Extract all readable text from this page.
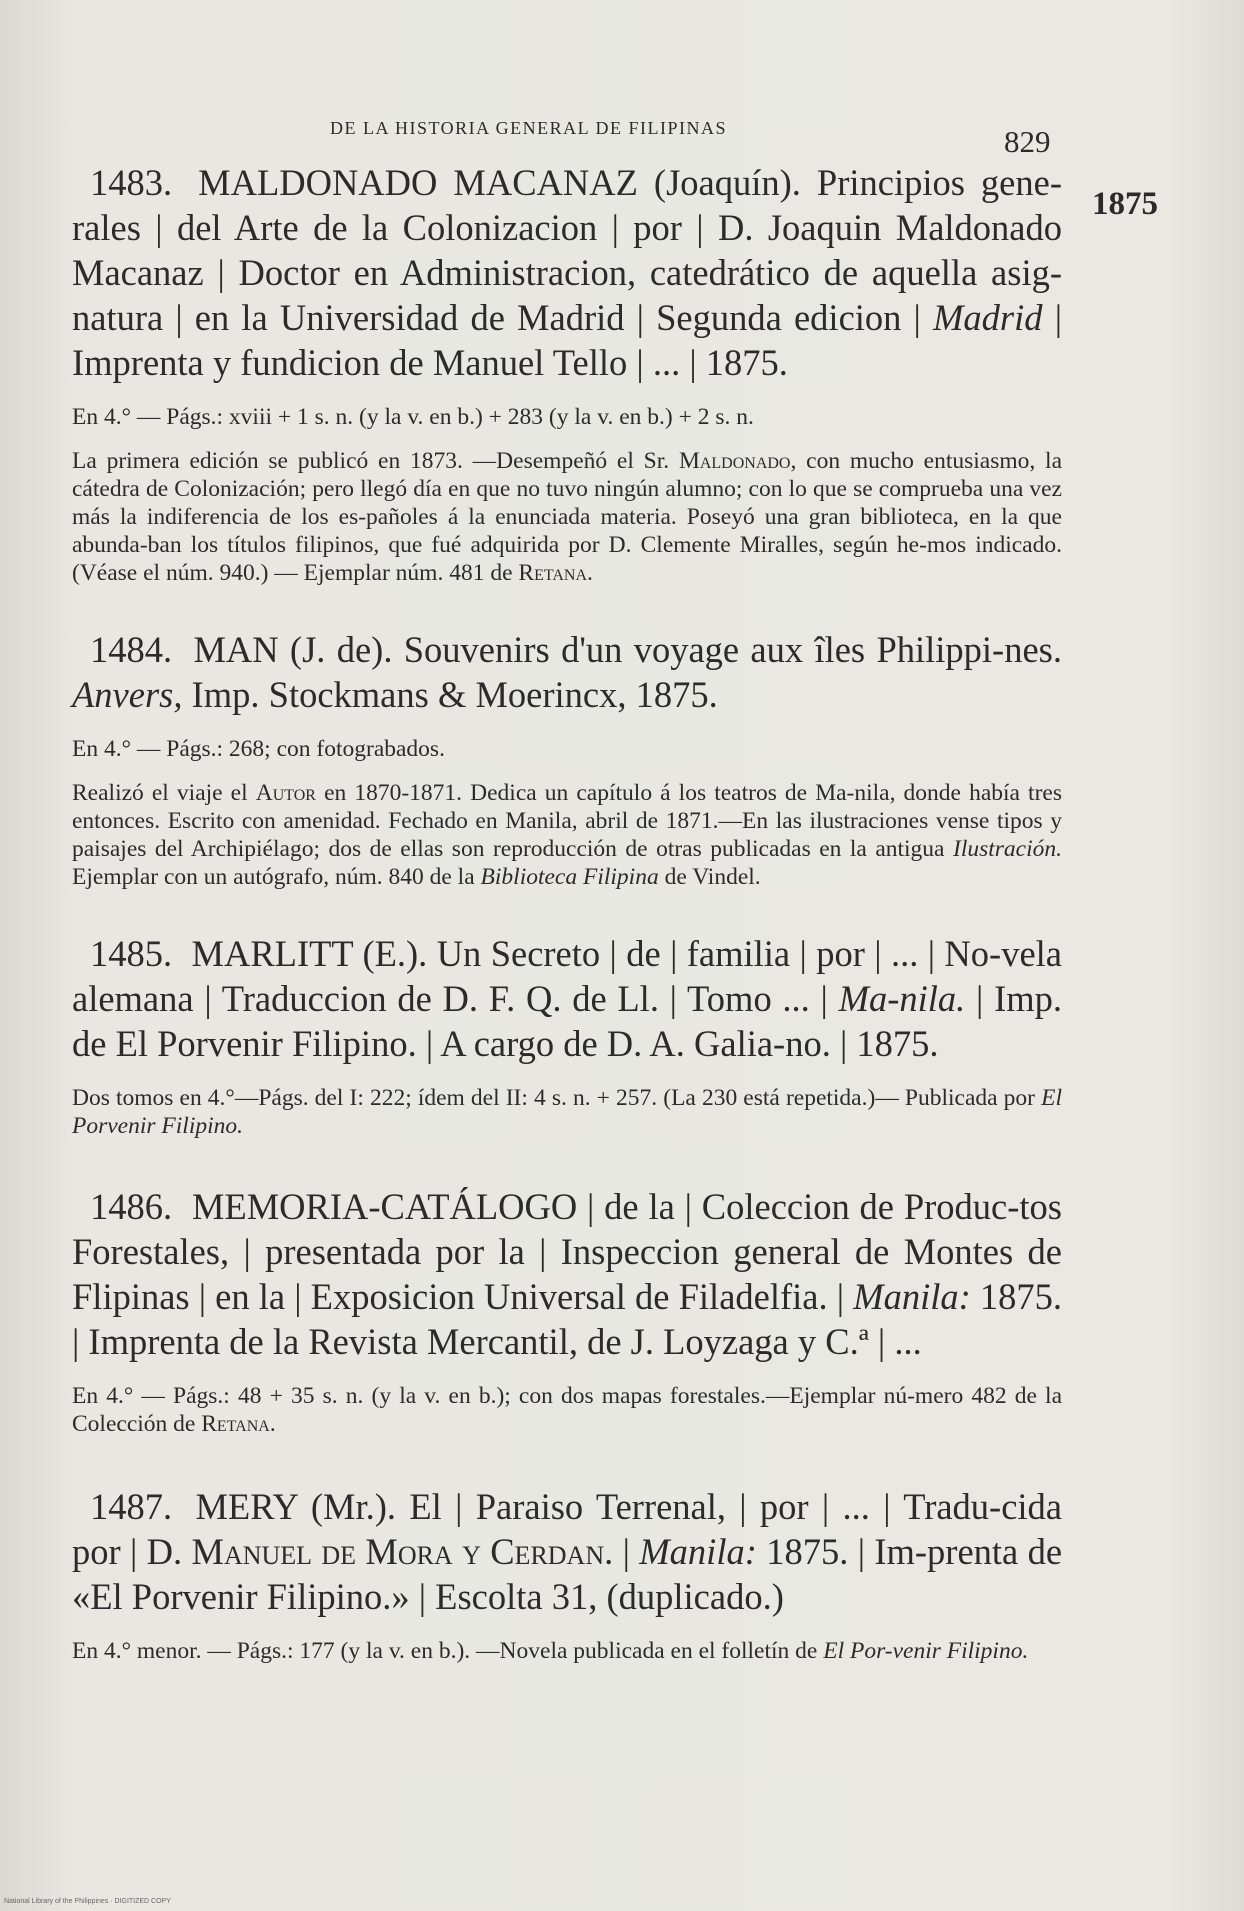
DE LA HISTORIA GENERAL DE FILIPINAS	829
1875

1483. MALDONADO MACANAZ (Joaquín). Principios gene-rales | del Arte de la Colonizacion | por | D. Joaquin Maldonado Macanaz | Doctor en Administracion, catedrático de aquella asig-natura | en la Universidad de Madrid | Segunda edicion | Madrid | Imprenta y fundicion de Manuel Tello | ... | 1875.

En 4.° — Págs.: xviii + 1 s. n. (y la v. en b.) + 283 (y la v. en b.) + 2 s. n.

La primera edición se publicó en 1873. —Desempeñó el Sr. Maldonado, con mucho entusiasmo, la cátedra de Colonización; pero llegó día en que no tuvo ningún alumno; con lo que se comprueba una vez más la indiferencia de los es-pañoles á la enunciada materia. Poseyó una gran biblioteca, en la que abunda-ban los títulos filipinos, que fué adquirida por D. Clemente Miralles, según he-mos indicado. (Véase el núm. 940.) — Ejemplar núm. 481 de Retana.

1484. MAN (J. de). Souvenirs d'un voyage aux îles Philippi-nes. Anvers, Imp. Stockmans & Moerincx, 1875.

En 4.° — Págs.: 268; con fotograbados.

Realizó el viaje el Autor en 1870-1871. Dedica un capítulo á los teatros de Ma-nila, donde había tres entonces. Escrito con amenidad. Fechado en Manila, abril de 1871.—En las ilustraciones vense tipos y paisajes del Archipiélago; dos de ellas son reproducción de otras publicadas en la antigua Ilustración. Ejemplar con un autógrafo, núm. 840 de la Biblioteca Filipina de Vindel.

1485. MARLITT (E.). Un Secreto | de | familia | por | ... | No-vela alemana | Traduccion de D. F. Q. de Ll. | Tomo ... | Ma-nila. | Imp. de El Porvenir Filipino. | A cargo de D. A. Galia-no. | 1875.

Dos tomos en 4.°—Págs. del I: 222; ídem del II: 4 s. n. + 257. (La 230 está repetida.)— Publicada por El Porvenir Filipino.

1486. MEMORIA-CATÁLOGO | de la | Coleccion de Produc-tos Forestales, | presentada por la | Inspeccion general de Montes de Flipinas | en la | Exposicion Universal de Filadelfia. | Manila: 1875. | Imprenta de la Revista Mercantil, de J. Loyzaga y C.ª | ...

En 4.° — Págs.: 48 + 35 s. n. (y la v. en b.); con dos mapas forestales.—Ejemplar nú-mero 482 de la Colección de Retana.

1487. MERY (Mr.). El | Paraiso Terrenal, | por | ... | Tradu-cida por | D. Manuel de Mora y Cerdan. | Manila: 1875. | Im-prenta de «El Porvenir Filipino.» | Escolta 31, (duplicado.)

En 4.° menor. — Págs.: 177 (y la v. en b.). —Novela publicada en el folletín de El Por-venir Filipino.

National Library of the Philippines · DIGITIZED COPY
